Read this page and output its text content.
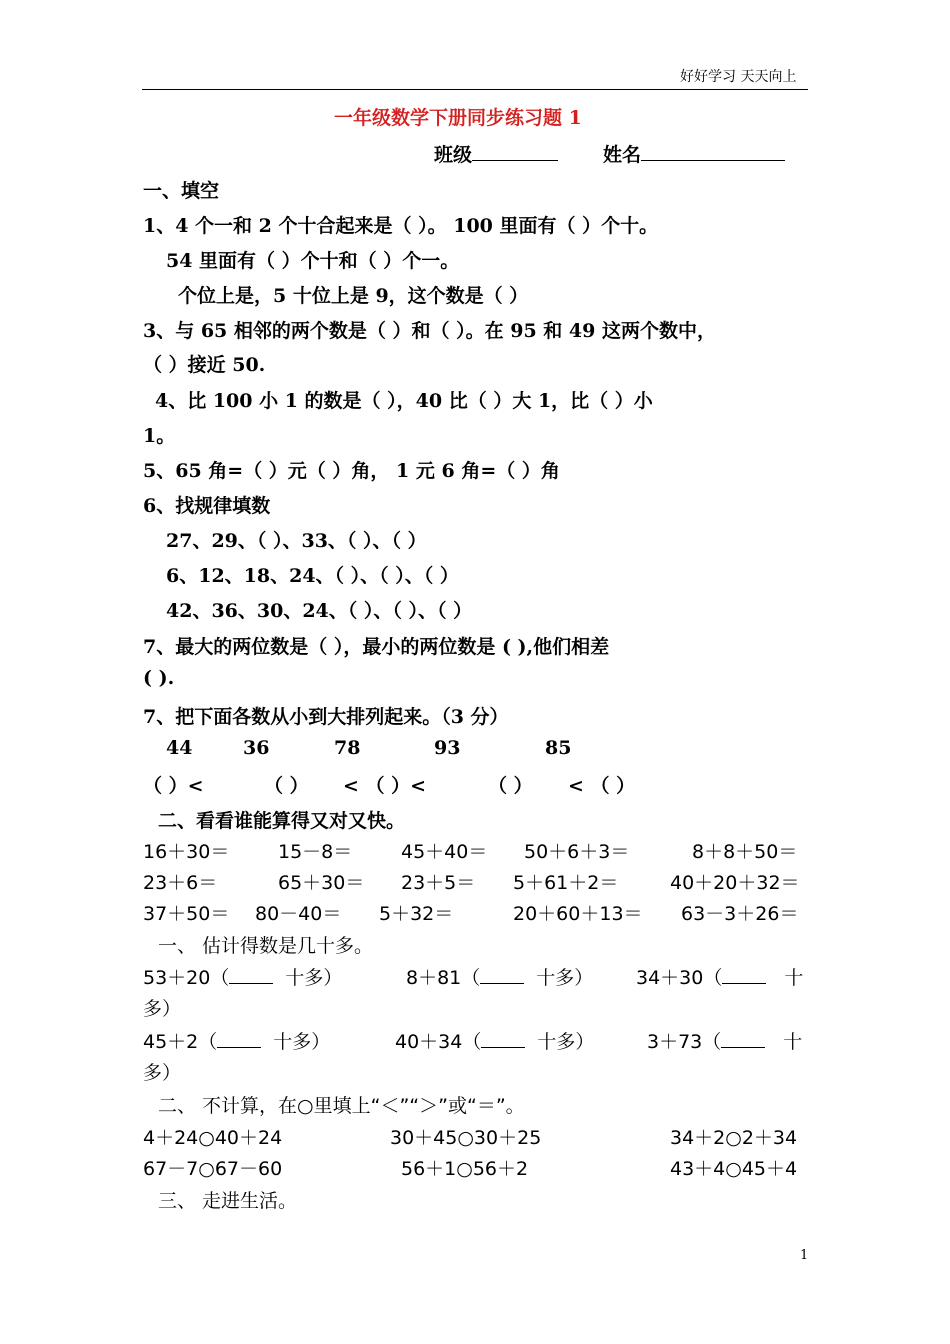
好好学习 天天向上
一年级数学下册同步练习题 1
班级	姓名
一、填空
1、4 个一和 2 个十合起来是（ ）。 100 里面有（ ）个十。
54 里面有（ ）个十和（ ）个一。
个位上是，5 十位上是 9，这个数是（ ）
3、与 65 相邻的两个数是（ ）和（ ）。在 95 和 49 这两个数中，
（ ）接近 50.
4、比 100 小 1 的数是（ ），40 比（ ）大 1，比（ ）小
1。
5、65 角=（ ）元（ ）角， 1 元 6 角=（ ）角
6、找规律填数
27、29、（ ）、33、（ ）、（ ）
6、12、18、24、（ ）、（ ）、（ ）
42、36、30、24、（ ）、（ ）、（ ）
7、最大的两位数是（ ），最小的两位数是 ( ),他们相差
( ).
7、把下面各数从小到大排列起来。（3 分）
44	36	78	93	85
（ ）<	（ ） < （ ）<	（ ） < （ ）
二、看看谁能算得又对又快。
16＋30＝	15－8＝	45＋40＝ 50＋6＋3＝	8＋8＋50＝
23＋6＝	65＋30＝ 23＋5＝ 5＋61＋2＝	40＋20＋32＝
37＋50＝ 80－40＝ 5＋32＝	20＋60＋13＝ 63－3＋26＝
一、 估计得数是几十多。
53＋20（	十多）	8＋81（	十多） 34＋30（	十
多）
45＋2（	十多）	40＋34（	十多）	3＋73（	十
多）
二、 不计算，在○里填上“＜”“＞”或“＝”。
4＋24○40＋24	30＋45○30＋25	34＋2○2＋34
67－7○67－60	56＋1○56＋2	43＋4○45＋4
三、 走进生活。
1
